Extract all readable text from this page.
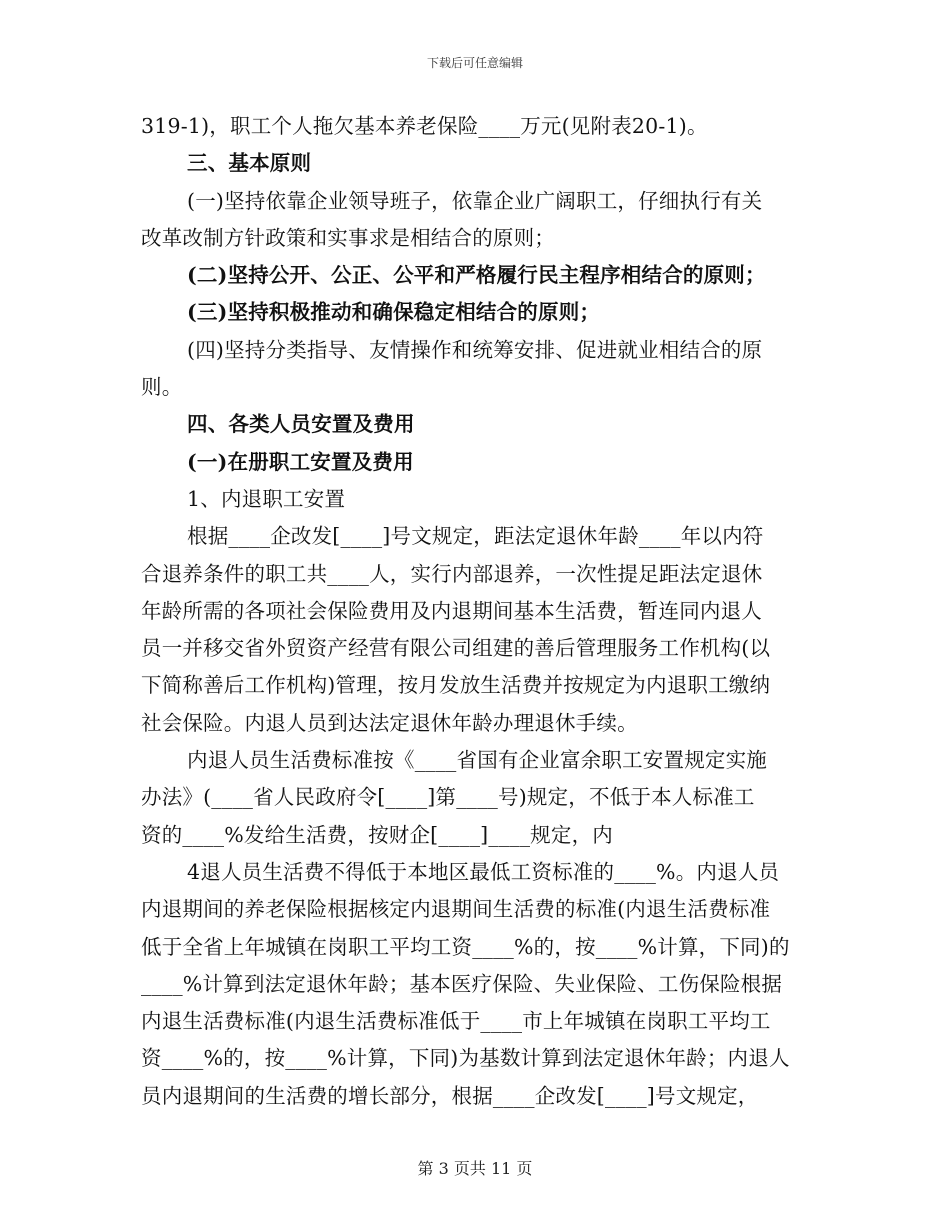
下载后可任意编辑
319-1)，职工个人拖欠基本养老保险____万元(见附表20-1)。
三、基本原则
(一)坚持依靠企业领导班子，依靠企业广阔职工，仔细执行有关
改革改制方针政策和实事求是相结合的原则；
(二)坚持公开、公正、公平和严格履行民主程序相结合的原则；
(三)坚持积极推动和确保稳定相结合的原则；
(四)坚持分类指导、友情操作和统筹安排、促进就业相结合的原
则。
四、各类人员安置及费用
(一)在册职工安置及费用
1、内退职工安置
根据____企改发[____]号文规定，距法定退休年龄____年以内符
合退养条件的职工共____人，实行内部退养，一次性提足距法定退休
年龄所需的各项社会保险费用及内退期间基本生活费，暂连同内退人
员一并移交省外贸资产经营有限公司组建的善后管理服务工作机构(以
下简称善后工作机构)管理，按月发放生活费并按规定为内退职工缴纳
社会保险。内退人员到达法定退休年龄办理退休手续。
内退人员生活费标准按《____省国有企业富余职工安置规定实施
办法》(____省人民政府令[____]第____号)规定，不低于本人标准工
资的____%发给生活费，按财企[____]____规定，内
4退人员生活费不得低于本地区最低工资标准的____%。内退人员
内退期间的养老保险根据核定内退期间生活费的标准(内退生活费标准
低于全省上年城镇在岗职工平均工资____%的，按____%计算，下同)的
____%计算到法定退休年龄；基本医疗保险、失业保险、工伤保险根据
内退生活费标准(内退生活费标准低于____市上年城镇在岗职工平均工
资____%的，按____%计算，下同)为基数计算到法定退休年龄；内退人
员内退期间的生活费的增长部分，根据____企改发[____]号文规定，
第 3 页共 11 页
